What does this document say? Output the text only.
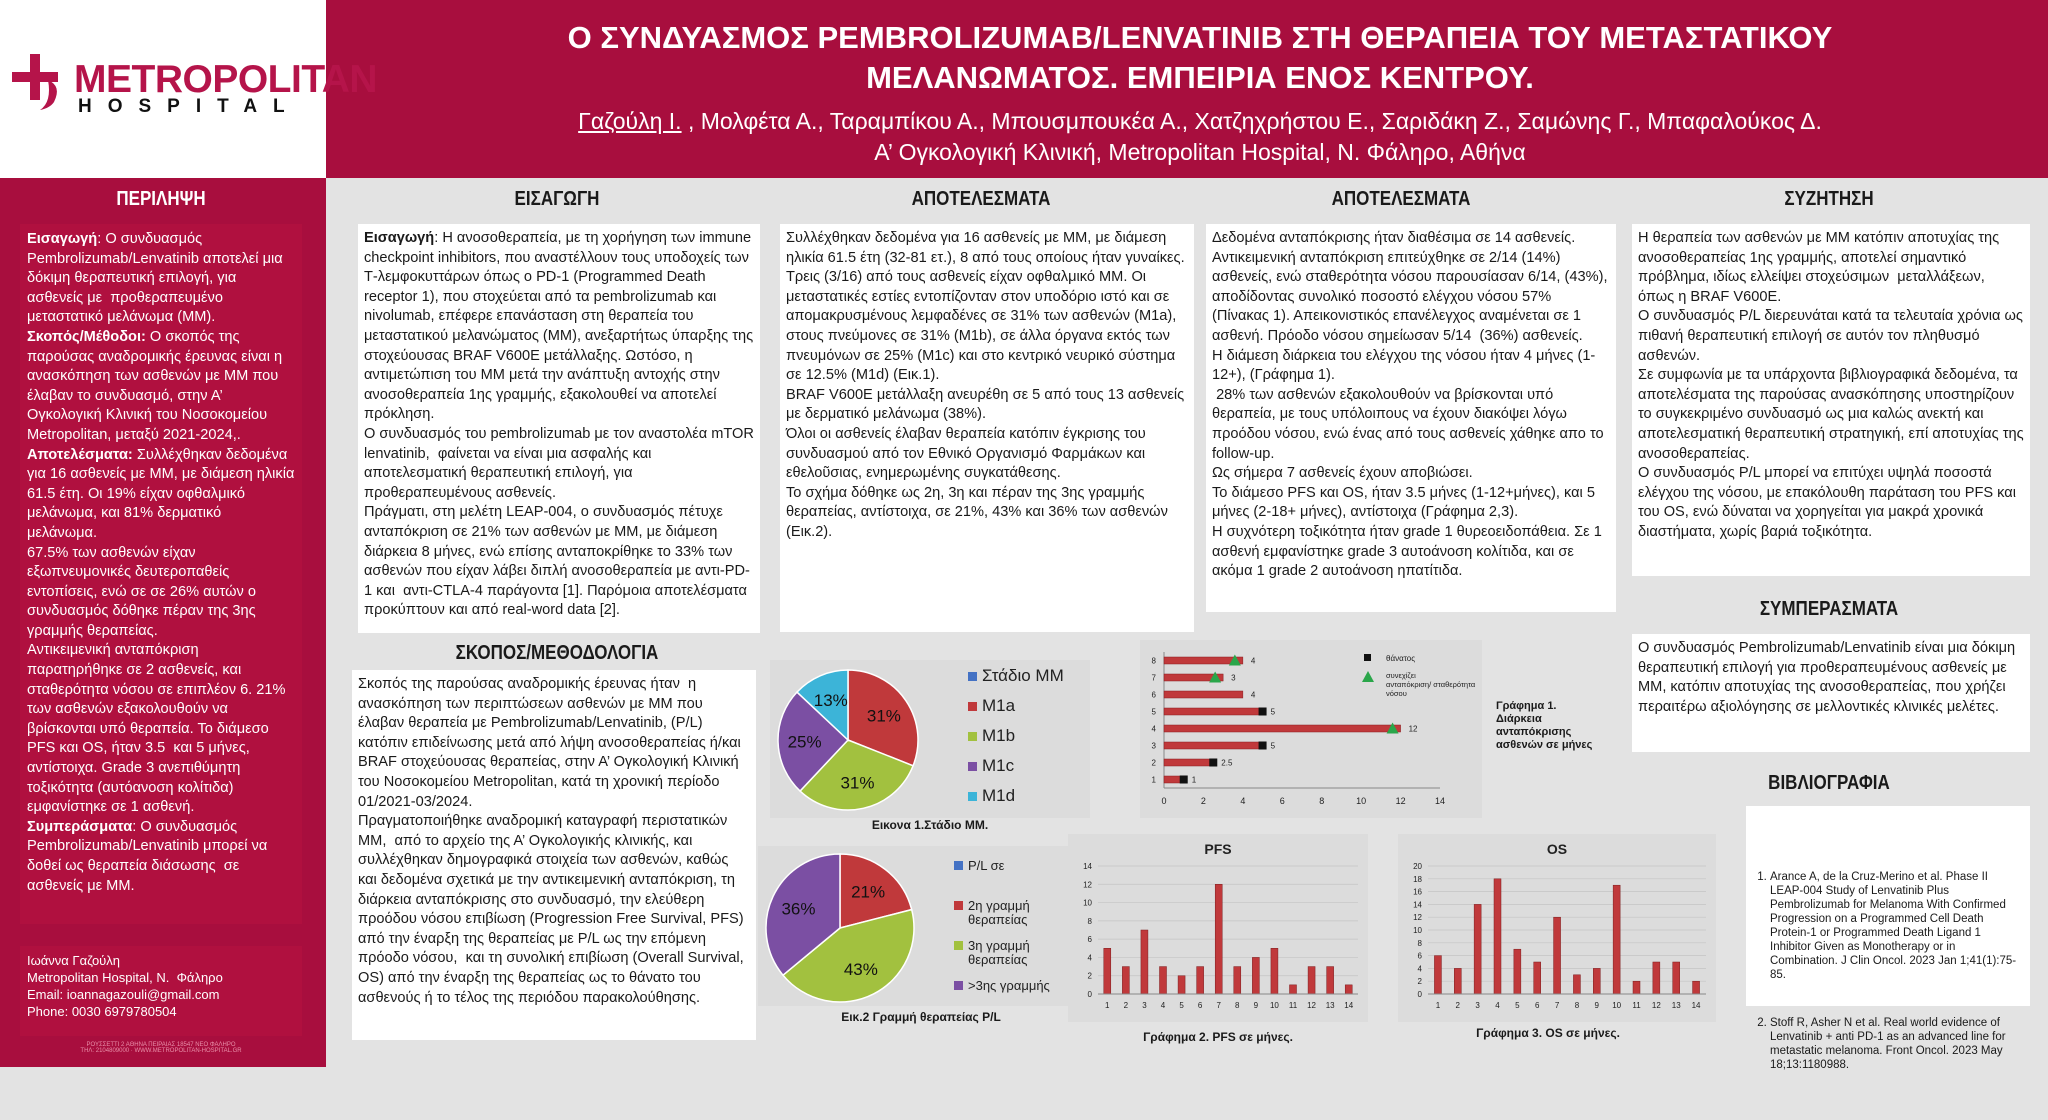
METROPOLITAN
HOSPITAL
Ο ΣΥΝΔΥΑΣΜΟΣ PEMBROLIZUMAB/LENVATINIB ΣΤΗ ΘΕΡΑΠΕΙΑ ΤΟΥ ΜΕΤΑΣΤΑΤΙΚΟΥ
ΜΕΛΑΝΩΜΑΤΟΣ. ΕΜΠΕΙΡΙΑ ΕΝΟΣ ΚΕΝΤΡΟΥ.
Γαζούλη Ι. , Μολφέτα Α., Ταραμπίκου Α., Μπουσμπουκέα Α., Χατζηχρήστου Ε., Σαριδάκη Ζ., Σαμώνης Γ., Μπαφαλούκος Δ.
Α’ Ογκολογική Κλινική, Metropolitan Hospital, Ν. Φάληρο, Αθήνα
ΠΕΡΙΛΗΨΗ
Εισαγωγή: Ο συνδυασμός Pembrolizumab/Lenvatinib αποτελεί μια δόκιμη θεραπευτική επιλογή, για ασθενείς με  προθεραπευμένο μεταστατικό μελάνωμα (ΜΜ).
Σκοπός/Μέθοδοι: Ο σκοπός της παρούσας αναδρομικής έρευνας είναι η ανασκόπηση των ασθενών με ΜΜ που έλαβαν το συνδυασμό, στην Α’ Ογκολογική Κλινική του Νοσοκομείου Metropolitan, μεταξύ 2021-2024,.
Αποτελέσματα: Συλλέχθηκαν δεδομένα για 16 ασθενείς με ΜΜ, με διάμεση ηλικία 61.5 έτη. Οι 19% είχαν οφθαλμικό μελάνωμα, και 81% δερματικό μελάνωμα.
67.5% των ασθενών είχαν εξωπνευμονικές δευτεροπαθείς εντοπίσεις, ενώ σε σε 26% αυτών ο συνδυασμός δόθηκε πέραν της 3ης γραμμής θεραπείας.
Αντικειμενική ανταπόκριση παρατηρήθηκε σε 2 ασθενείς, και σταθερότητα νόσου σε επιπλέον 6. 21% των ασθενών εξακολουθούν να βρίσκονται υπό θεραπεία. Το διάμεσο PFS και OS, ήταν 3.5  και 5 μήνες, αντίστοιχα. Grade 3 ανεπιθύμητη τοξικότητα (αυτόανοση κολίτιδα) εμφανίστηκε σε 1 ασθενή.
Συμπεράσματα: Ο συνδυασμός Pembrolizumab/Lenvatinib μπορεί να δοθεί ως θεραπεία διάσωσης  σε ασθενείς με ΜΜ.
Ιωάννα Γαζούλη
Metropolitan Hospital, Ν.  Φάληρο
Email: ioannagazouli@gmail.com
Phone: 0030 6979780504
ΡΟΥΣΣΕΤΤΙ 2 ΑΘΗΝΑ ΠΕΙΡΑΙΑΣ 18547 ΝΕΟ ΦΑΛΗΡΟ
ΤΗΛ: 2104809000 · WWW.METROPOLITAN-HOSPITAL.GR
ΕΙΣΑΓΩΓΗ
Εισαγωγή: Η ανοσοθεραπεία, με τη χορήγηση των immune checkpoint inhibitors, που αναστέλλουν τους υποδοχείς των Τ-λεμφοκυττάρων όπως ο PD-1 (Programmed Death receptor 1), που στοχεύεται από τα pembrolizumab και nivolumab, επέφερε επανάσταση στη θεραπεία του μεταστατικού μελανώματος (ΜΜ), ανεξαρτήτως ύπαρξης της στοχεύουσας BRAF V600E μετάλλαξης. Ωστόσο, η αντιμετώπιση του ΜΜ μετά την ανάπτυξη αντοχής στην ανοσοθεραπεία 1ης γραμμής, εξακολουθεί να αποτελεί πρόκληση.
Ο συνδυασμός του pembrolizumab με τον αναστολέα mTOR  lenvatinib,  φαίνεται να είναι μια ασφαλής και αποτελεσματική θεραπευτική επιλογή, για προθεραπευμένους ασθενείς.
Πράγματι, στη μελέτη LEAP-004, ο συνδυασμός πέτυχε ανταπόκριση σε 21% των ασθενών με ΜΜ, με διάμεση διάρκεια 8 μήνες, ενώ επίσης ανταποκρίθηκε το 33% των ασθενών που είχαν λάβει διπλή ανοσοθεραπεία με αντι-PD-1 και  αντι-CTLA-4 παράγοντα [1]. Παρόμοια αποτελέσματα προκύπτουν και από real-word data [2].
ΣΚΟΠΟΣ/ΜΕΘΟΔΟΛΟΓΙΑ
Σκοπός της παρούσας αναδρομικής έρευνας ήταν  η ανασκόπηση των περιπτώσεων ασθενών με ΜΜ που έλαβαν θεραπεία με Pembrolizumab/Lenvatinib, (P/L) κατόπιν επιδείνωσης μετά από λήψη ανοσοθεραπείας ή/και BRAF στοχεύουσας θεραπείας, στην Α’ Ογκολογική Κλινική του Νοσοκομείου Metropolitan, κατά τη χρονική περίοδο 01/2021-03/2024.
Πραγματοποιήθηκε αναδρομική καταγραφή περιστατικών ΜΜ,  από το αρχείο της Α’ Ογκολογικής κλινικής, και συλλέχθηκαν δημογραφικά στοιχεία των ασθενών, καθώς και δεδομένα σχετικά με την αντικειμενική ανταπόκριση, τη διάρκεια ανταπόκρισης στο συνδυασμό, την ελεύθερη προόδου νόσου επιβίωση (Progression Free Survival, PFS) από την έναρξη της θεραπείας με P/L ως την επόμενη πρόοδο νόσου,  και τη συνολική επιβίωση (Overall Survival, OS) από την έναρξη της θεραπείας ως το θάνατο του ασθενούς ή το τέλος της περιόδου παρακολούθησης.
ΑΠΟΤΕΛΕΣΜΑΤΑ
Συλλέχθηκαν δεδομένα για 16 ασθενείς με ΜΜ, με διάμεση ηλικία 61.5 έτη (32-81 ετ.), 8 από τους οποίους ήταν γυναίκες.
Τρεις (3/16) από τους ασθενείς είχαν οφθαλμικό ΜΜ. Οι μεταστατικές εστίες εντοπίζονταν στον υποδόριο ιστό και σε απομακρυσμένους λεμφαδένες σε 31% των ασθενών (M1a), στους πνεύμονες σε 31% (M1b), σε άλλα όργανα εκτός των πνευμόνων σε 25% (M1c) και στο κεντρικό νευρικό σύστημα σε 12.5% (M1d) (Εικ.1).
BRAF V600E μετάλλαξη ανευρέθη σε 5 από τους 13 ασθενείς με δερματικό μελάνωμα (38%).
Όλοι οι ασθενείς έλαβαν θεραπεία κατόπιν έγκρισης του συνδυασμού από τον Εθνικό Οργανισμό Φαρμάκων και εθελοῦσιας, ενημερωμένης συγκατάθεσης.
Το σχήμα δόθηκε ως 2η, 3η και πέραν της 3ης γραμμής θεραπείας, αντίστοιχα, σε 21%, 43% και 36% των ασθενών (Εικ.2).
31%
31%
25%
13%
Στάδιο ΜΜ
M1a
M1b
M1c
M1d
Εικονα 1.Στάδιο ΜΜ.
21%
43%
36%
P/L σε
2η γραμμή θεραπείας
3η γραμμή θεραπείας
>3ης γραμμής
Εικ.2 Γραμμή θεραπείας P/L
ΑΠΟΤΕΛΕΣΜΑΤΑ
Δεδομένα ανταπόκρισης ήταν διαθέσιμα σε 14 ασθενείς. Αντικειμενική ανταπόκριση επιτεύχθηκε σε 2/14 (14%) ασθενείς, ενώ σταθερότητα νόσου παρουσίασαν 6/14, (43%), αποδίδοντας συνολικό ποσοστό ελέγχου νόσου 57% (Πίνακας 1). Απεικονιστικός επανέλεγχος αναμένεται σε 1 ασθενή. Πρόοδο νόσου σημείωσαν 5/14  (36%) ασθενείς.
Η διάμεση διάρκεια του ελέγχου της νόσου ήταν 4 μήνες (1-12+), (Γράφημα 1).
28% των ασθενών εξακολουθούν να βρίσκονται υπό θεραπεία, με τους υπόλοιπους να έχουν διακόψει λόγω προόδου νόσου, ενώ ένας από τους ασθενείς χάθηκε απο το follow-up.
Ως σήμερα 7 ασθενείς έχουν αποβιώσει.
Το διάμεσο PFS και OS, ήταν 3.5 μήνες (1-12+μήνες), και 5 μήνες (2-18+ μήνες), αντίστοιχα (Γράφημα 2,3).
Η συχνότερη τοξικότητα ήταν grade 1 θυρεοειδοπάθεια. Σε 1 ασθενή εμφανίστηκε grade 3 αυτοάνοση κολίτιδα, και σε ακόμα 1 grade 2 αυτοάνοση ηπατίτιδα.
0	2	4	6	8	10	12	14
1	1
2	2.5
3	5
4	12
5	5
6	4
7	3
8	4	θάνατος
συνεχίζει ανταπόκριση/ σταθερότητα νόσου
Γράφημα 1.
Διάρκεια
ανταπόκρισης
ασθενών σε μήνες
PFS
0
2
4
6
8
10
12
14
1 2 3 4 5 6 7 8 9 10 11 12 13 14
Γράφημα 2. PFS σε μήνες.
OS
0
2
4
6
8
10
12
14
16
18
20
1 2 3 4 5 6 7 8 9 10 11 12 13 14
Γράφημα 3. OS σε μήνες.
ΣΥΖΗΤΗΣΗ
Η θεραπεία των ασθενών με ΜΜ κατόπιν αποτυχίας της ανοσοθεραπείας 1ης γραμμής, αποτελεί σημαντικό πρόβλημα, ιδίως ελλείψει στοχεύσιμων  μεταλλάξεων, όπως η BRAF V600E.
Ο συνδυασμός P/L διερευνάται κατά τα τελευταία χρόνια ως πιθανή θεραπευτική επιλογή σε αυτόν τον πληθυσμό ασθενών.
Σε συμφωνία με τα υπάρχοντα βιβλιογραφικά δεδομένα, τα αποτελέσματα της παρούσας ανασκόπησης υποστηρίζουν το συγκεκριμένο συνδυασμό ως μια καλώς ανεκτή και αποτελεσματική θεραπευτική στρατηγική, επί αποτυχίας της ανοσοθεραπείας.
Ο συνδυασμός P/L μπορεί να επιτύχει υψηλά ποσοστά ελέγχου της νόσου, με επακόλουθη παράταση του PFS και του OS, ενώ δύναται να χορηγείται για μακρά χρονικά διαστήματα, χωρίς βαριά τοξικότητα.
ΣΥΜΠΕΡΑΣΜΑΤΑ
Ο συνδυασμός Pembrolizumab/Lenvatinib είναι μια δόκιμη θεραπευτική επιλογή για προθεραπευμένους ασθενείς με ΜΜ, κατόπιν αποτυχίας της ανοσοθεραπείας, που χρήζει περαιτέρω αξιολόγησης σε μελλοντικές κλινικές μελέτες.
ΒΙΒΛΙΟΓΡΑΦΙΑ

1. Arance A, de la Cruz-Merino et al. Phase II LEAP-004 Study of Lenvatinib Plus Pembrolizumab for Melanoma With Confirmed Progression on a Programmed Cell Death Protein-1 or Programmed Death Ligand 1 Inhibitor Given as Monotherapy or in Combination. J Clin Oncol. 2023 Jan 1;41(1):75-85.

2. Stoff R, Asher N et al. Real world evidence of Lenvatinib + anti PD-1 as an advanced line for metastatic melanoma. Front Oncol. 2023 May 18;13:1180988.
